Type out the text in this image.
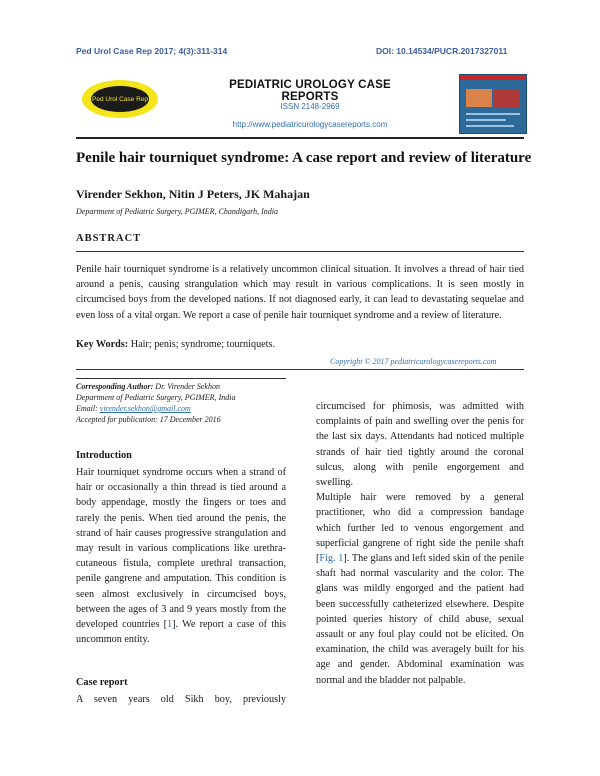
Ped Urol Case Rep 2017; 4(3):311-314	DOI: 10.14534/PUCR.2017327011
Ped Urol Case Rep
PEDIATRIC UROLOGY CASE REPORTS
ISSN 2148-2969
http://www.pediatricurologycasereports.com
Penile hair tourniquet syndrome: A case report and review of literature
Virender Sekhon, Nitin J Peters, JK Mahajan
Department of Pediatric Surgery, PGIMER, Chandigarh, India
ABSTRACT
Penile hair tourniquet syndrome is a relatively uncommon clinical situation. It involves a thread of hair tied around a penis, causing strangulation which may result in various complications. It is seen mostly in circumcised boys from the developed nations. If not diagnosed early, it can lead to devastating sequelae and even loss of a vital organ. We report a case of penile hair tourniquet syndrome and a review of literature.
Key Words: Hair; penis; syndrome; tourniquets.
Copyright © 2017 pediatricurologycasereports.com
Corresponding Author: Dr. Virender Sekhon
Department of Pediatric Surgery, PGIMER, India
Email: virender.sekhon@gmail.com
Accepted for publication: 17 December 2016
Introduction
Hair tourniquet syndrome occurs when a strand of hair or occasionally a thin thread is tied around a body appendage, mostly the fingers or toes and rarely the penis. When tied around the penis, the strand of hair causes progressive strangulation and may result in various complications like urethra-cutaneous fistula, complete urethral transaction, penile gangrene and amputation. This condition is seen almost exclusively in circumcised boys, between the ages of 3 and 9 years mostly from the developed countries [1]. We report a case of this uncommon entity.
Case report
A seven years old Sikh boy, previously
circumcised for phimosis, was admitted with complaints of pain and swelling over the penis for the last six days. Attendants had noticed multiple strands of hair tied tightly around the coronal sulcus, along with penile engorgement and swelling.
Multiple hair were removed by a general practitioner, who did a compression bandage which further led to venous engorgement and superficial gangrene of right side the penile shaft [Fig. 1]. The glans and left sided skin of the penile shaft had normal vascularity and the color. The glans was mildly engorged and the patient had been successfully catheterized elsewhere. Despite pointed queries history of child abuse, sexual assault or any foul play could not be elicited. On examination, the child was averagely built for his age and gender. Abdominal examination was normal and the bladder not palpable.
